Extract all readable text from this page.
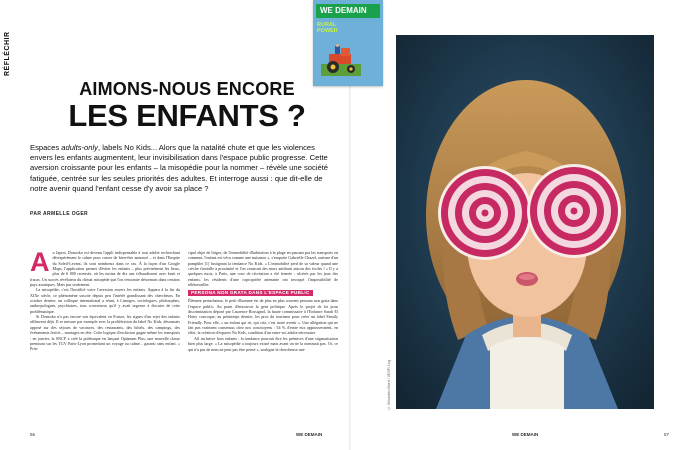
RÉFLÉCHIR
WE DEMAIN
RURAL POWER
AIMONS-NOUS ENCORE
LES ENFANTS ?

Espaces adults-only, labels No Kids... Alors que la natalité chute et que les violences envers les enfants augmentent, leur invisibilisation dans l'espace public progresse. Cette aversion croissante pour les enfants – la misopédie pour la nommer – révèle une société fatiguée, centrée sur les seules priorités des adultes. Et interroge aussi : que dit-elle de notre avenir quand l'enfant cesse d'y avoir sa place ?

PAR ARMELLE OGER

Au Japon, Donzoko est devenu l'appli indispensable à tout adulte recherchant désespérément le calme pour casser de bien-être annoncé – et dans l'Empire du Soleil-Levant, ils sont nombreux dans ce cas. À la façon d'un Google Maps, l'application permet d'éviter les enfants – plus précisément les lieux, plus de 6 000 recensés, où les moins de dix ans s'ébaudissent avec bruit et fracas. Un succès révélateur du climat misopède que l'on rencontre désormais dans certains pays asiatiques. Mais pas seulement.

La misopédie, c'est l'hostilité voire l'aversion envers les enfants. Apparu à la fin du XIXe siècle, ce phénomène suscite depuis peu l'intérêt grandissant des chercheurs. En octobre dernier, un colloque international a réuni, à Limoges, sociologues, philosophes, anthropologues, psychiatres, tous convaincus qu'il y avait urgence à discuter de cette problématique.

Si Donzoko n'a pas encore son équivalent en France, les signes d'un rejet des enfants affleurent déjà. Il se mesure par exemple avec la prolifération du label No Kids, désormais apposé sur des séjours de vacances, des restaurants, des hôtels, des campings, des événements festifs – mariages en tête. Cette logique d'exclusion gagne même les transports : en janvier, la SNCF a créé la polémique en lançant Optimum Plus, une nouvelle classe premium sur les TGV Paris-Lyon promettant un voyage au calme... garanti sans enfant. « Prin-

cipal objet de litiges, de l'immobilité d'habitation à la plage en passant par les transports en commun, l'enfant est vécu comme une nuisance », s'emporte Gabrielle Chazel, auteure d'un pamphlet [1] fustigeant la tendance No Kids. « L'immobilité perd de sa valeur quand une crèche s'installe à proximité et l'on construit des murs antibruit autour des écoles ! » Il y a quelques mois, à Paris, une cour de récréation a été fermée : ulcérés par les jeux des enfants, les résidents d'une copropriété attenante ont invoqué l'impossibilité de télétravailler.

PERSONA NON GRATA DANS L'ESPACE PUBLIC

Élément perturbateur, le petit d'homme est de plus en plus souvent persona non grata dans l'espace public. Au point d'émouvoir la gent politique. Après le projet de loi pour discrimination déposé par Laurence Rossignol, la haute commissaire à l'Enfance Sarah El Haïry concoque, au printemps dernier, les pros du tourisme pour créer un label Family Friendly. Pour elle, « un enfant qui rit, qui crie, c'est notre avenir ». Une allégation qui ne fait pas vraiment consensus chez nos concitoyens : 54 % d'entre eux approuveraient, en effet, la création d'espaces No Kids, condition d'un entre-soi adulte nécessaire.

Ail inclusive hors enfants : la tendance pourrait être les prémices d'une stigmatisation bien plus large. « La misopédie a toujours existé mais avant on ne la nommait pas. Or, ce qui n'a pas de nom ne peut pas être pensé », souligne la chercheuse uni-

56	WE DEMAIN
© Sébastien Baert / VESP/ Leg
WE DEMAIN	57
